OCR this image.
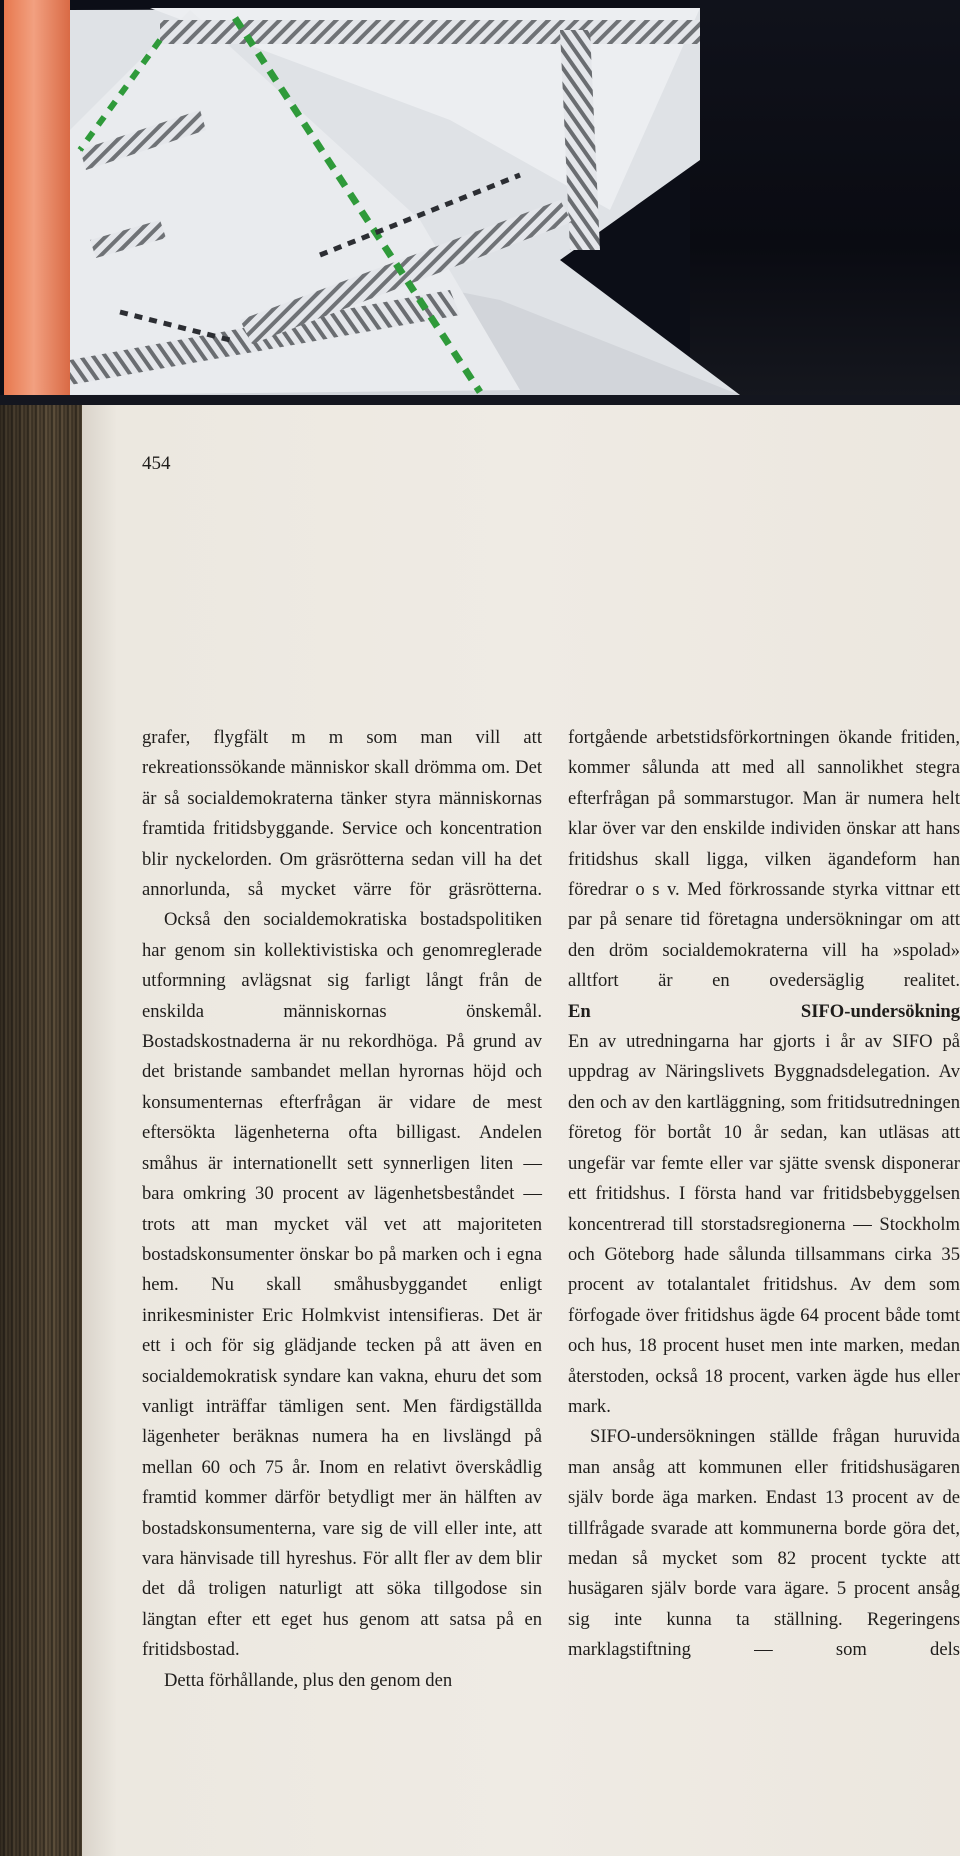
454

grafer, flygfält m m som man vill att rekreationssökande människor skall drömma om. Det är så socialdemokraterna tänker styra människornas framtida fritidsbyggande. Service och koncentration blir nyckelorden. Om gräsrötterna sedan vill ha det annorlunda, så mycket värre för gräsrötterna.

Också den socialdemokratiska bostadspolitiken har genom sin kollektivistiska och genomreglerade utformning avlägsnat sig farligt långt från de enskilda människornas önskemål. Bostadskostnaderna är nu rekordhöga. På grund av det bristande sambandet mellan hyrornas höjd och konsumenternas efterfrågan är vidare de mest eftersökta lägenheterna ofta billigast. Andelen småhus är internationellt sett synnerligen liten — bara omkring 30 procent av lägenhetsbeståndet — trots att man mycket väl vet att majoriteten bostadskonsumenter önskar bo på marken och i egna hem. Nu skall småhusbyggandet enligt inrikesminister Eric Holmkvist intensifieras. Det är ett i och för sig glädjande tecken på att även en socialdemokratisk syndare kan vakna, ehuru det som vanligt inträffar tämligen sent. Men färdigställda lägenheter beräknas numera ha en livslängd på mellan 60 och 75 år. Inom en relativt överskådlig framtid kommer därför betydligt mer än hälften av bostadskonsumenterna, vare sig de vill eller inte, att vara hänvisade till hyreshus. För allt fler av dem blir det då troligen naturligt att söka tillgodose sin längtan efter ett eget hus genom att satsa på en fritidsbostad.

Detta förhållande, plus den genom den

fortgående arbetstidsförkortningen ökande fritiden, kommer sålunda att med all sannolikhet stegra efterfrågan på sommarstugor. Man är numera helt klar över var den enskilde individen önskar att hans fritidshus skall ligga, vilken ägandeform han föredrar o s v. Med förkrossande styrka vittnar ett par på senare tid företagna undersökningar om att den dröm socialdemokraterna vill ha »spolad» alltfort är en ovedersäglig realitet.

En SIFO-undersökning

En av utredningarna har gjorts i år av SIFO på uppdrag av Näringslivets Byggnadsdelegation. Av den och av den kartläggning, som fritidsutredningen företog för bortåt 10 år sedan, kan utläsas att ungefär var femte eller var sjätte svensk disponerar ett fritidshus. I första hand var fritidsbebyggelsen koncentrerad till storstadsregionerna — Stockholm och Göteborg hade sålunda tillsammans cirka 35 procent av totalantalet fritidshus. Av dem som förfogade över fritidshus ägde 64 procent både tomt och hus, 18 procent huset men inte marken, medan återstoden, också 18 procent, varken ägde hus eller mark.

SIFO-undersökningen ställde frågan huruvida man ansåg att kommunen eller fritidshusägaren själv borde äga marken. Endast 13 procent av de tillfrågade svarade att kommunerna borde göra det, medan så mycket som 82 procent tyckte att husägaren själv borde vara ägare. 5 procent ansåg sig inte kunna ta ställning. Regeringens marklagstiftning — som dels
